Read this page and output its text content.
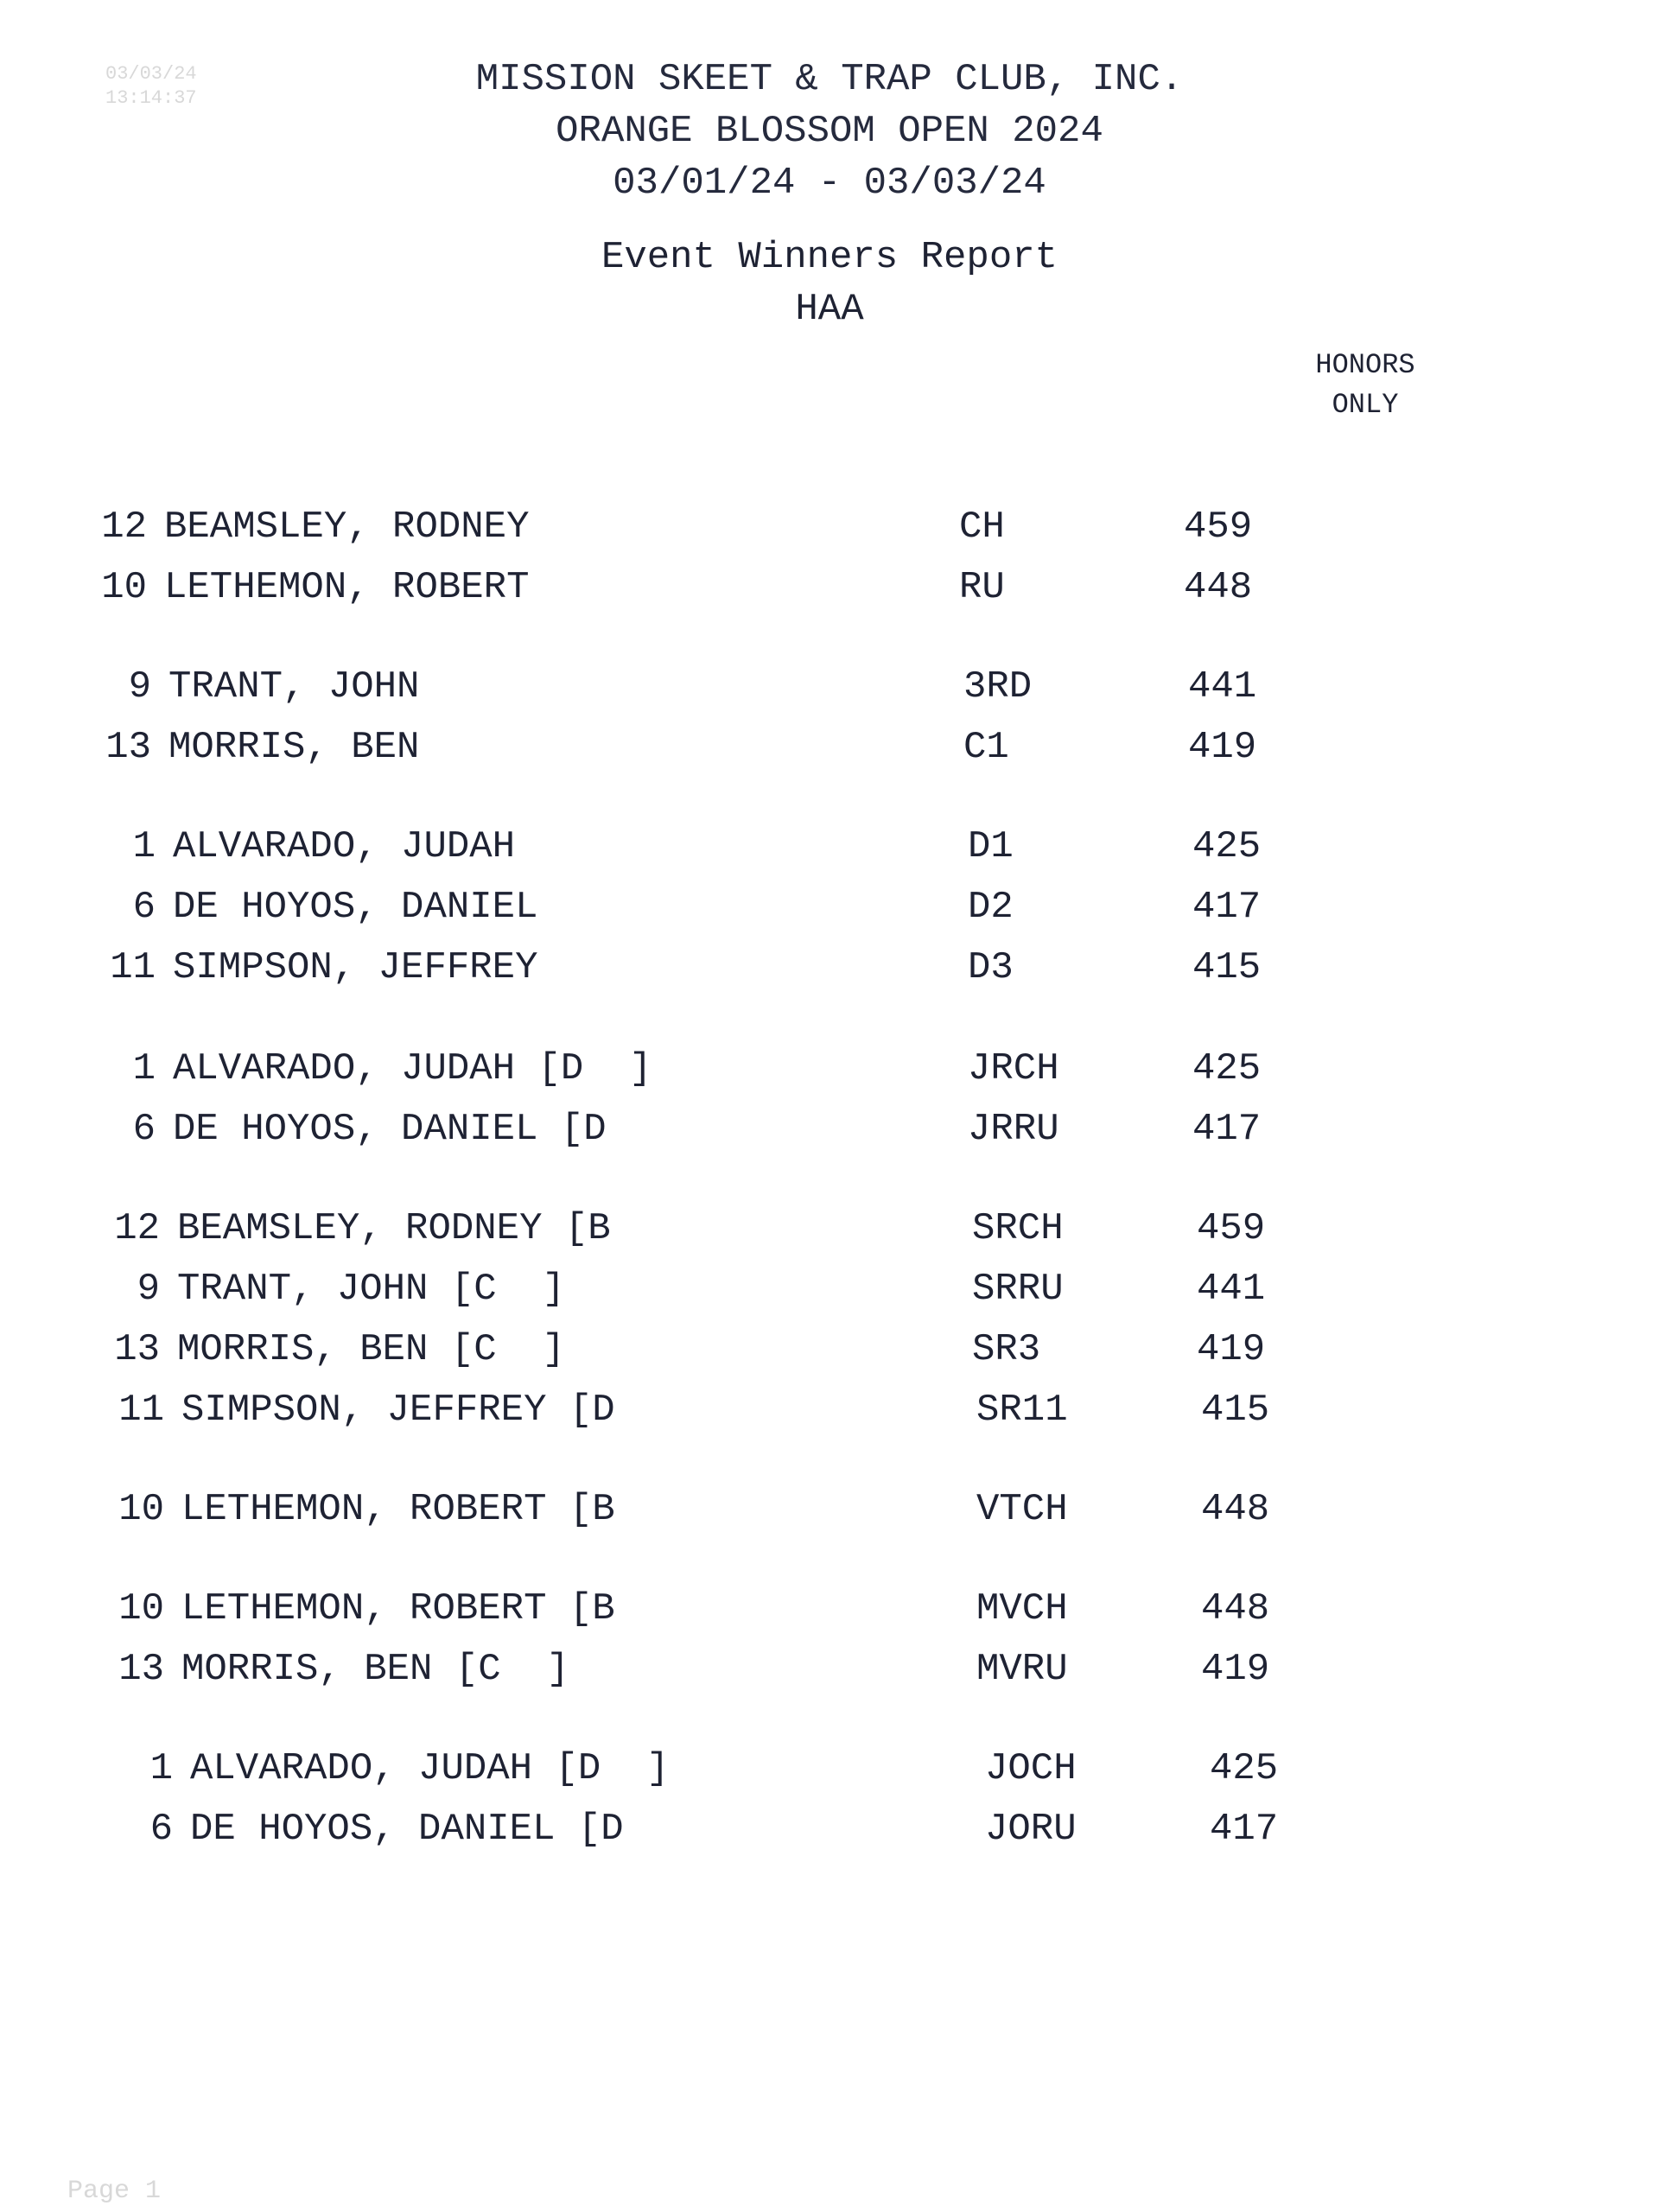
03/03/24
13:14:37	MISSION SKEET & TRAP CLUB, INC.
ORANGE BLOSSOM OPEN 2024
03/01/24 - 03/03/24
Event Winners Report
HAA
HONORS
ONLY
12 BEAMSLEY, RODNEY	CH	459
10 LETHEMON, ROBERT	RU	448
9 TRANT, JOHN	3RD	441
13 MORRIS, BEN	C1	419
1 ALVARADO, JUDAH	D1	425
6 DE HOYOS, DANIEL	D2	417
11 SIMPSON, JEFFREY	D3	415
1 ALVARADO, JUDAH [D  ]	JRCH	425
6 DE HOYOS, DANIEL [D	JRRU	417
12 BEAMSLEY, RODNEY [B	SRCH	459
9 TRANT, JOHN [C  ]	SRRU	441
13 MORRIS, BEN [C  ]	SR3	419
11 SIMPSON, JEFFREY [D	SR11	415
10 LETHEMON, ROBERT [B	VTCH	448
10 LETHEMON, ROBERT [B	MVCH	448
13 MORRIS, BEN [C  ]	MVRU	419
1 ALVARADO, JUDAH [D  ]	JOCH	425
6 DE HOYOS, DANIEL [D	JORU	417
Page 1
